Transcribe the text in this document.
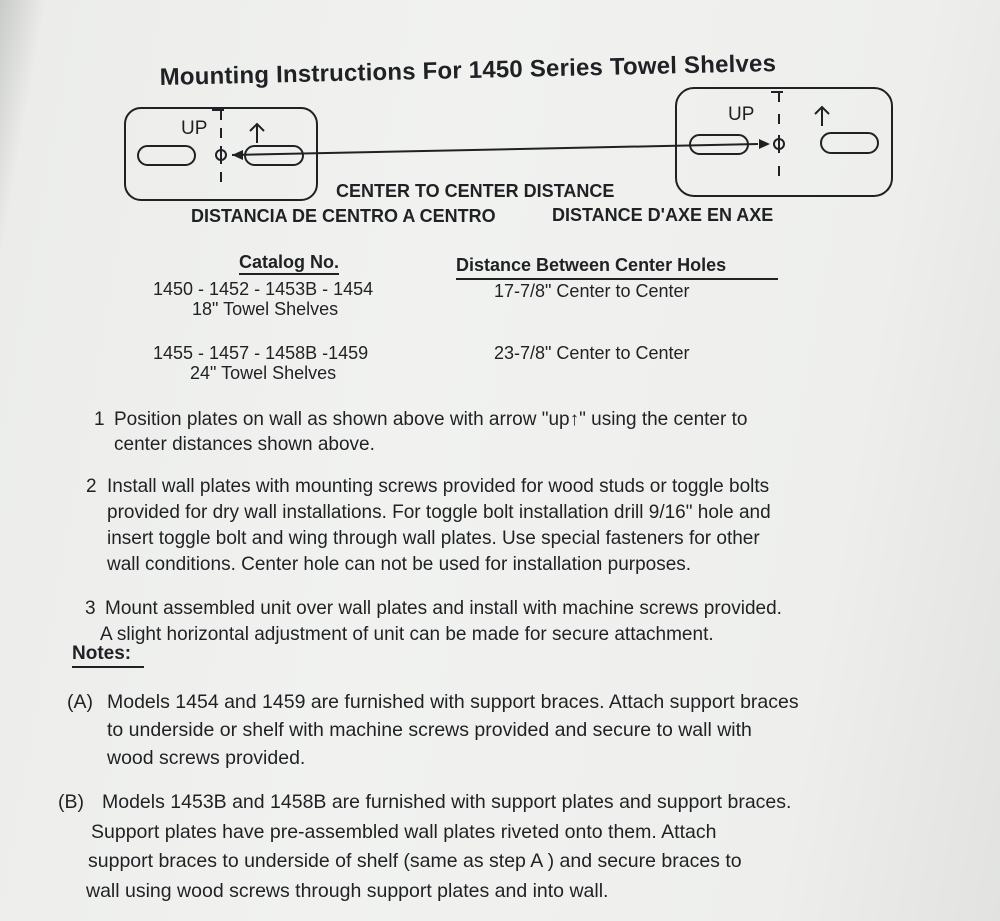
Mounting Instructions For 1450 Series Towel Shelves
UP
UP
CENTER TO CENTER DISTANCE
DISTANCIA DE CENTRO A CENTRO	DISTANCE D'AXE EN AXE
Catalog No.	Distance Between Center Holes
1450 - 1452 - 1453B - 1454
18" Towel Shelves
17-7/8" Center to Center
1455 - 1457 - 1458B -1459
24" Towel Shelves
23-7/8" Center to Center
1 Position plates on wall as shown above with arrow "up↑" using the center to
center distances shown above.
2 Install wall plates with mounting screws provided for wood studs or toggle bolts
provided for dry wall installations. For toggle bolt installation drill 9/16" hole and
insert toggle bolt and wing through wall plates. Use special fasteners for other
wall conditions. Center hole can not be used for installation purposes.
3 Mount assembled unit over wall plates and install with machine screws provided.
A slight horizontal adjustment of unit can be made for secure attachment.
Notes:
(A) Models 1454 and 1459 are furnished with support braces. Attach support braces
to underside or shelf with machine screws provided and secure to wall with
wood screws provided.
(B) Models 1453B and 1458B are furnished with support plates and support braces.
Support plates have pre-assembled wall plates riveted onto them. Attach
support braces to underside of shelf (same as step A ) and secure braces to
wall using wood screws through support plates and into wall.
